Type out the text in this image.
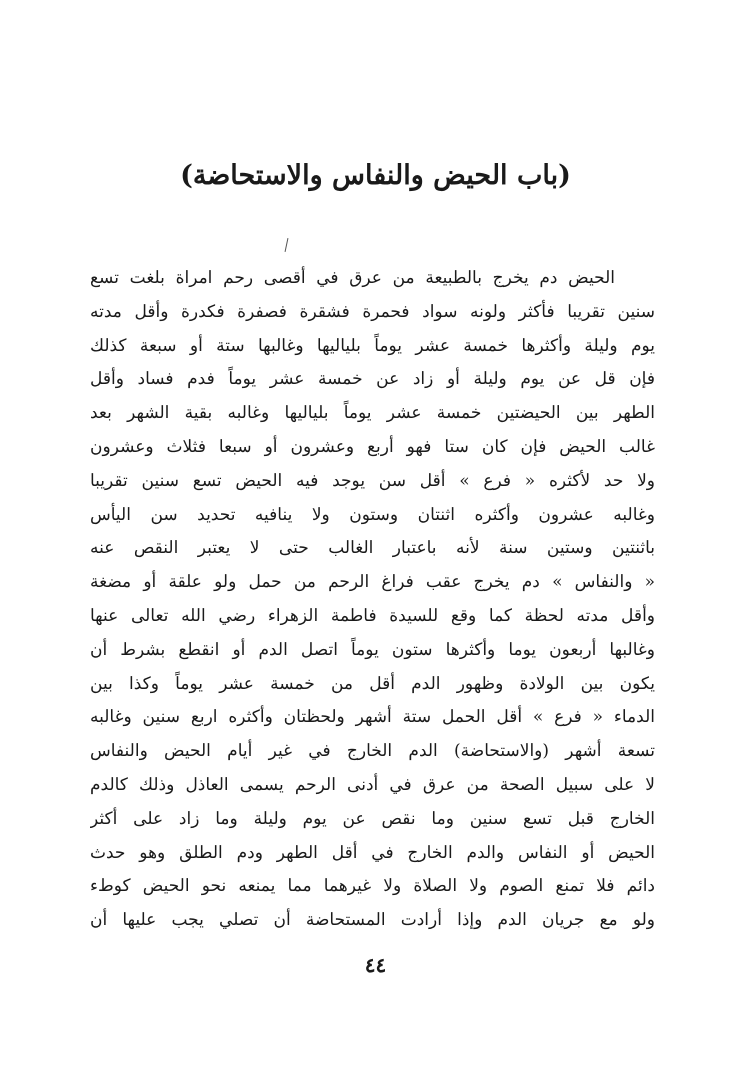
(باب الحيض والنفاس والاستحاضة)
الحيض دم يخرج بالطبيعة من عرق في أقصى رحم امراة بلغت تسع
سنين تقريبا فأكثر ولونه سواد فحمرة فشقرة فصفرة فكدرة وأقل مدته
يوم وليلة وأكثرها خمسة عشر يوماً بلياليها وغالبها ستة أو سبعة كذلك
فإن قل عن يوم وليلة أو زاد عن خمسة عشر يوماً فدم فساد وأقل
الطهر بين الحيضتين خمسة عشر يوماً بلياليها وغالبه بقية الشهر بعد
غالب الحيض فإن كان ستا فهو أربع وعشرون أو سبعا فثلاث وعشرون
ولا حد لأكثره « فرع » أقل سن يوجد فيه الحيض تسع سنين تقريبا
وغالبه عشرون وأكثره اثنتان وستون ولا ينافيه تحديد سن اليأس
باثنتين وستين سنة لأنه باعتبار الغالب حتى لا يعتبر النقص عنه
« والنفاس » دم يخرج عقب فراغ الرحم من حمل ولو علقة أو مضغة
وأقل مدته لحظة كما وقع للسيدة فاطمة الزهراء رضي الله تعالى عنها
وغالبها أربعون يوما وأكثرها ستون يوماً اتصل الدم أو انقطع بشرط أن
يكون بين الولادة وظهور الدم أقل من خمسة عشر يوماً وكذا بين
الدماء « فرع » أقل الحمل ستة أشهر ولحظتان وأكثره اربع سنين وغالبه
تسعة أشهر (والاستحاضة) الدم الخارج في غير أيام الحيض والنفاس
لا على سبيل الصحة من عرق في أدنى الرحم يسمى العاذل وذلك كالدم
الخارج قبل تسع سنين وما نقص عن يوم وليلة وما زاد على أكثر
الحيض أو النفاس والدم الخارج في أقل الطهر ودم الطلق وهو حدث
دائم فلا تمنع الصوم ولا الصلاة ولا غيرهما مما يمنعه نحو الحيض كوطء
ولو مع جريان الدم وإذا أرادت المستحاضة أن تصلي يجب عليها أن
٤٤
